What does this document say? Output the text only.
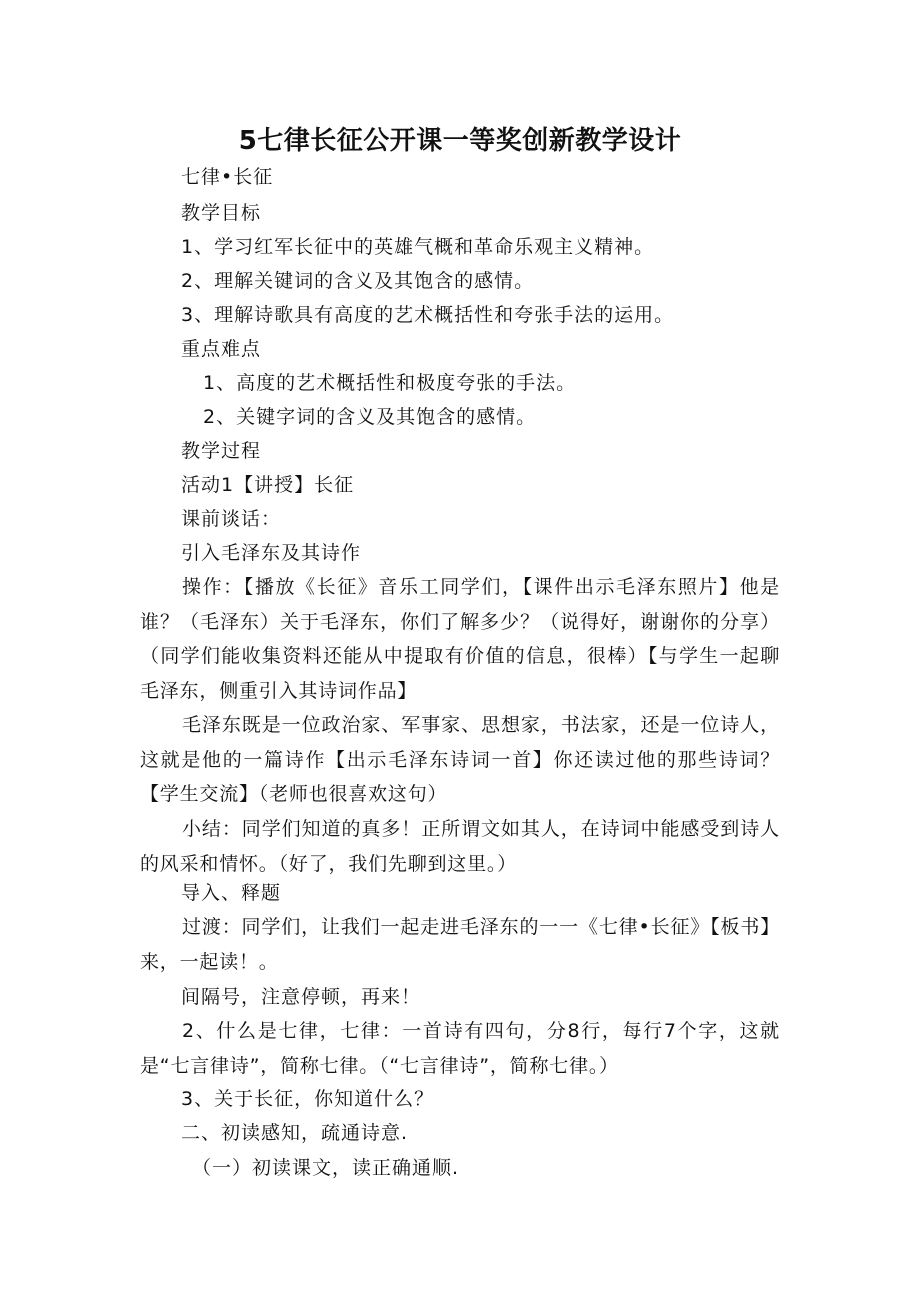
5七律长征公开课一等奖创新教学设计
七律•长征
教学目标
1、学习红军长征中的英雄气概和革命乐观主义精神。
2、理解关键词的含义及其饱含的感情。
3、理解诗歌具有高度的艺术概括性和夸张手法的运用。
重点难点
1、高度的艺术概括性和极度夸张的手法。
2、关键字词的含义及其饱含的感情。
教学过程
活动1【讲授】长征
课前谈话：
引入毛泽东及其诗作
操作：【播放《长征》音乐工同学们，【课件出示毛泽东照片】他是谁？（毛泽东）关于毛泽东，你们了解多少？（说得好，谢谢你的分享）（同学们能收集资料还能从中提取有价值的信息，很棒）【与学生一起聊毛泽东，侧重引入其诗词作品】
毛泽东既是一位政治家、军事家、思想家，书法家，还是一位诗人，这就是他的一篇诗作【出示毛泽东诗词一首】你还读过他的那些诗词？【学生交流】（老师也很喜欢这句）
小结：同学们知道的真多！正所谓文如其人，在诗词中能感受到诗人的风采和情怀。（好了，我们先聊到这里。）
导入、释题
过渡：同学们，让我们一起走进毛泽东的一一《七律•长征》【板书】来，一起读！。
间隔号，注意停顿，再来！
2、什么是七律，七律：一首诗有四句，分8行，每行7个字，这就是“七言律诗”，简称七律。（“七言律诗”，简称七律。）
3、关于长征，你知道什么？
二、初读感知，疏通诗意.
（一）初读课文，读正确通顺.
